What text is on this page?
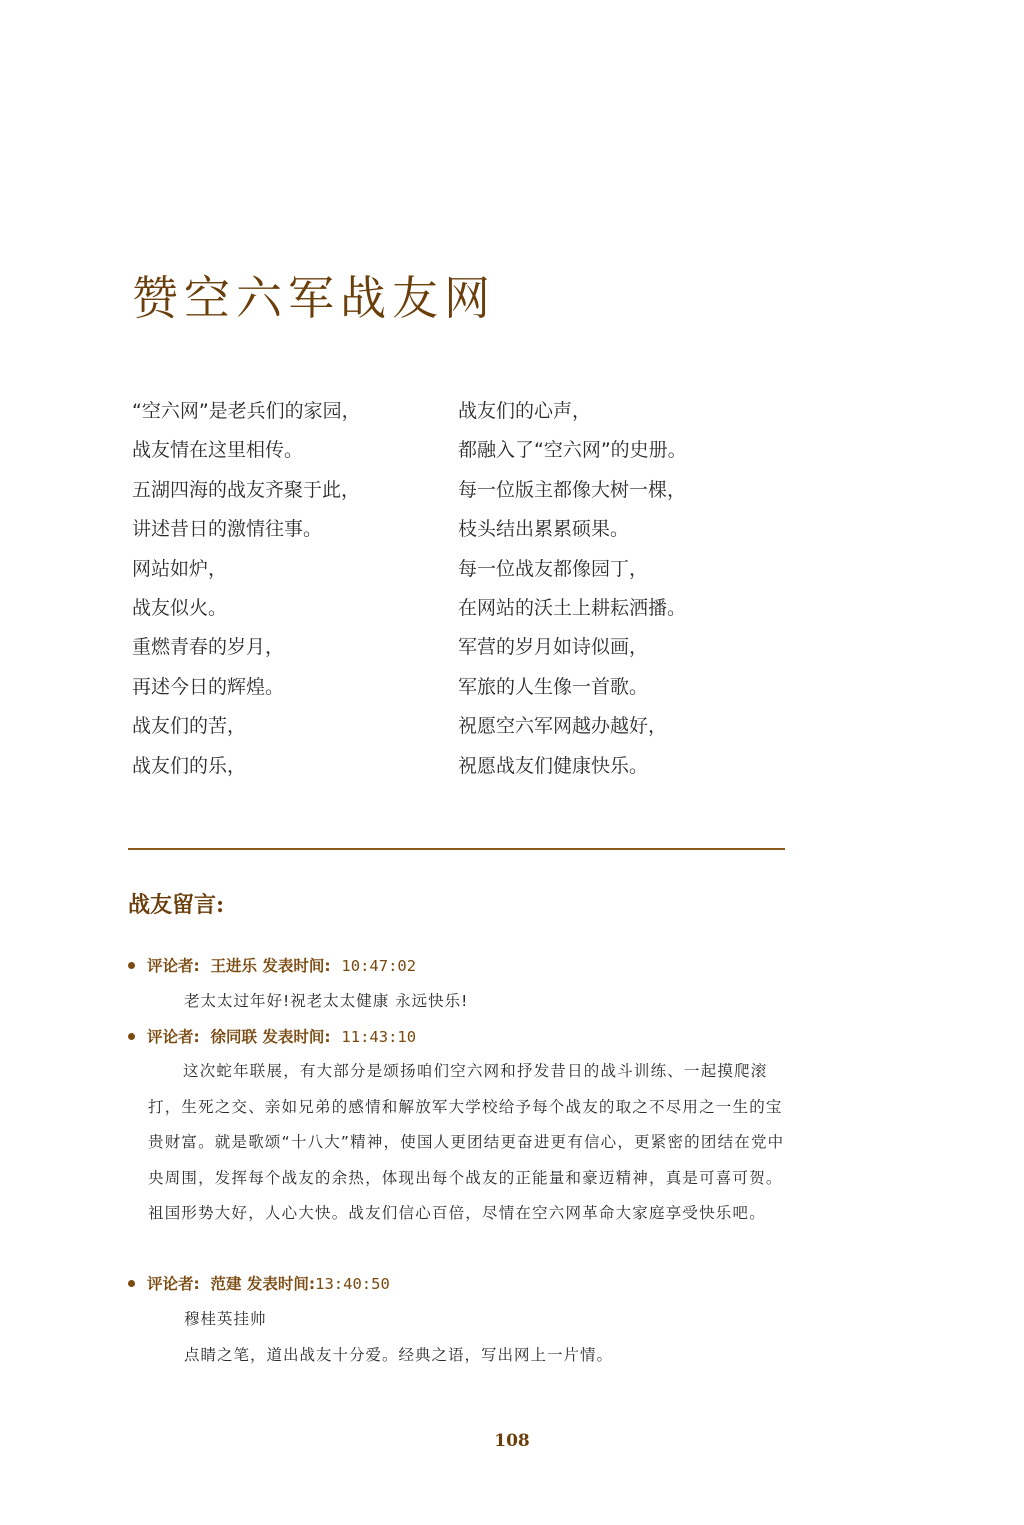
赞空六军战友网
“空六网”是老兵们的家园，
战友情在这里相传。
五湖四海的战友齐聚于此，
讲述昔日的激情往事。
网站如炉，
战友似火。
重燃青春的岁月，
再述今日的辉煌。
战友们的苦，
战友们的乐，
战友们的心声，
都融入了“空六网”的史册。
每一位版主都像大树一棵，
枝头结出累累硕果。
每一位战友都像园丁，
在网站的沃土上耕耘洒播。
军营的岁月如诗似画，
军旅的人生像一首歌。
祝愿空六军网越办越好，
祝愿战友们健康快乐。
战友留言:
评论者: 王进乐 发表时间: 10:47:02
老太太过年好!祝老太太健康 永远快乐!
评论者: 徐同联 发表时间: 11:43:10
这次蛇年联展，有大部分是颂扬咱们空六网和抒发昔日的战斗训练、一起摸爬滚打，生死之交、亲如兄弟的感情和解放军大学校给予每个战友的取之不尽用之一生的宝贵财富。就是歌颂“十八大”精神，使国人更团结更奋进更有信心，更紧密的团结在党中央周围，发挥每个战友的余热，体现出每个战友的正能量和豪迈精神，真是可喜可贺。祖国形势大好，人心大快。战友们信心百倍，尽情在空六网革命大家庭享受快乐吧。
评论者: 范建 发表时间:13:40:50
穆桂英挂帅
点睛之笔，道出战友十分爱。经典之语，写出网上一片情。
108
